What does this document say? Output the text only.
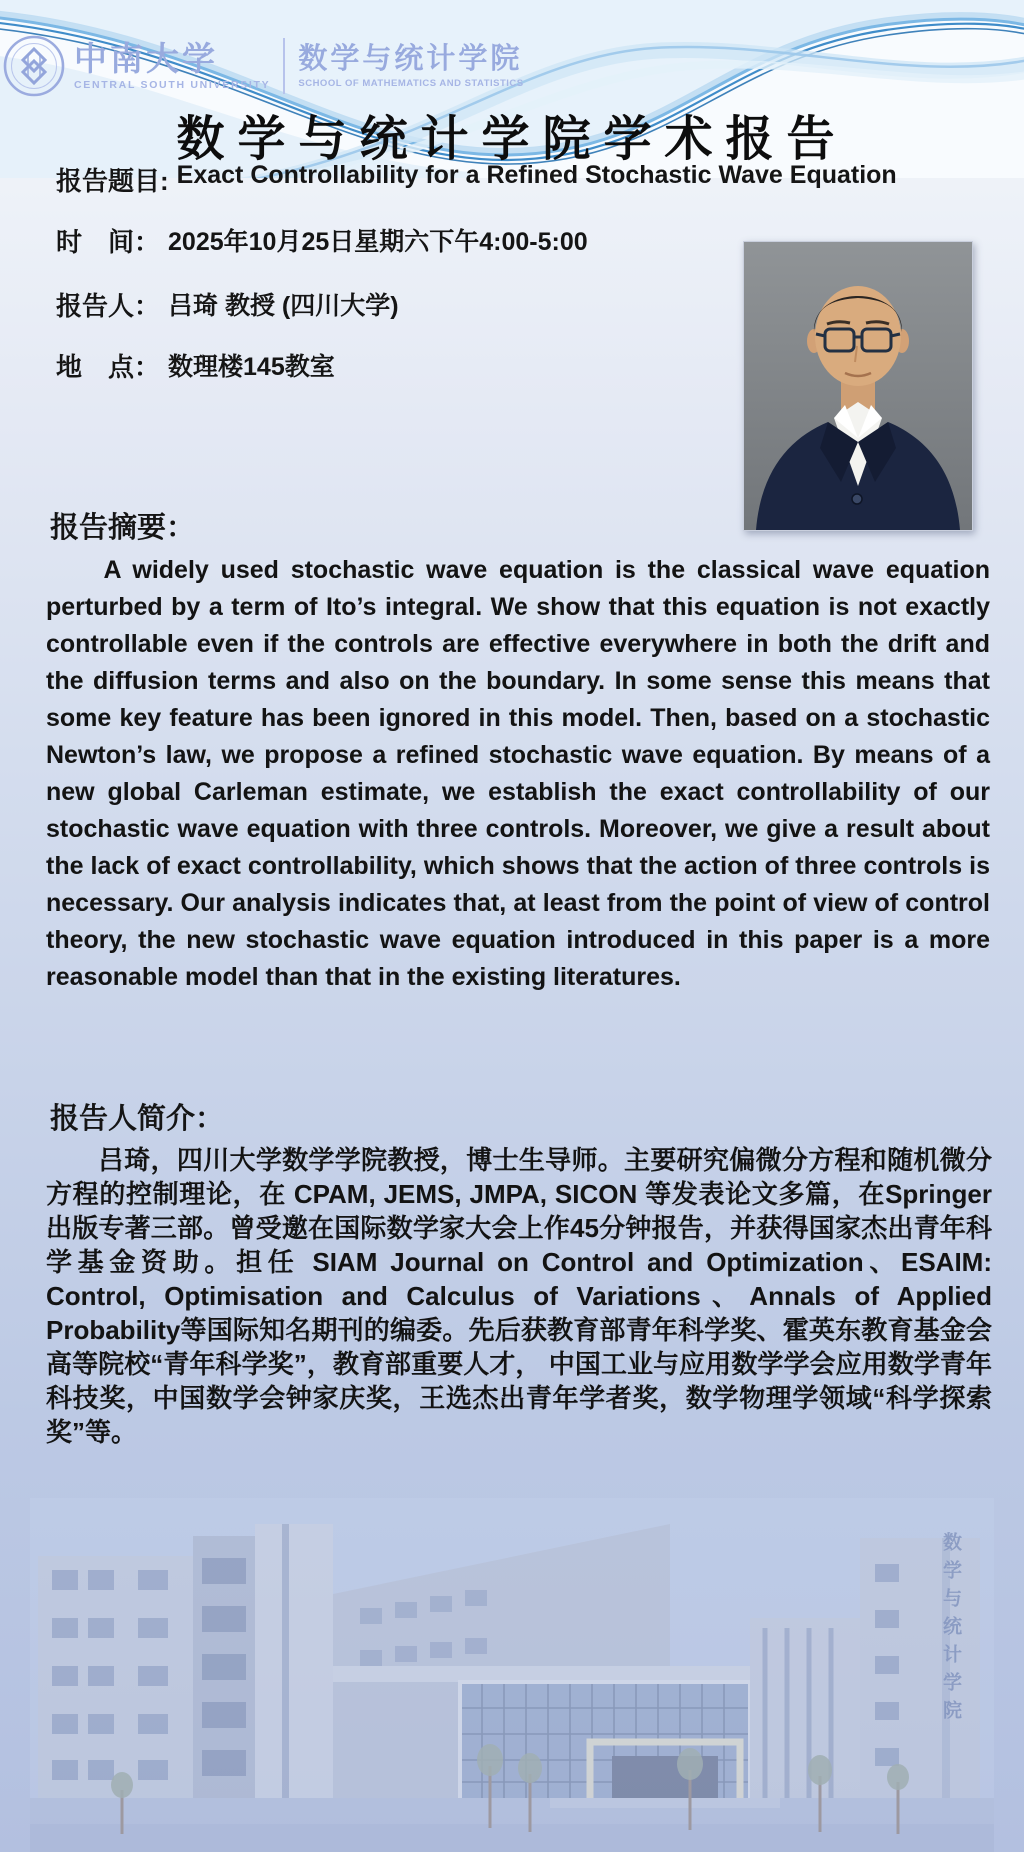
中南大学
CENTRAL SOUTH UNIVERSITY
数学与统计学院
SCHOOL OF MATHEMATICS AND STATISTICS
数学与统计学院学术报告
报告题目: Exact Controllability for a Refined Stochastic Wave Equation
时　间： 2025年10月25日星期六下午4:00-5:00
报告人： 吕琦 教授 (四川大学)
地　点： 数理楼145教室
报告摘要：
A widely used stochastic wave equation is the classical wave equation perturbed by a term of Ito’s integral. We show that this equation is not exactly controllable even if the controls are effective everywhere in both the drift and the diffusion terms and also on the boundary. In some sense this means that some key feature has been ignored in this model. Then, based on a stochastic Newton’s law, we propose a refined stochastic wave equation. By means of a new global Carleman estimate, we establish the exact controllability of our stochastic wave equation with three controls. Moreover, we give a result about the lack of exact controllability, which shows that the action of three controls is necessary. Our analysis indicates that, at least from the point of view of control theory, the new stochastic wave equation introduced in this paper is a more reasonable model than that in the existing literatures.
报告人简介：
吕琦，四川大学数学学院教授，博士生导师。主要研究偏微分方程和随机微分方程的控制理论，在 CPAM, JEMS, JMPA, SICON 等发表论文多篇，在Springer出版专著三部。曾受邀在国际数学家大会上作45分钟报告，并获得国家杰出青年科学基金资助。担任 SIAM Journal on Control and Optimization、ESAIM: Control, Optimisation and Calculus of Variations、Annals of Applied Probability等国际知名期刊的编委。先后获教育部青年科学奖、霍英东教育基金会高等院校“青年科学奖”，教育部重要人才， 中国工业与应用数学学会应用数学青年科技奖，中国数学会钟家庆奖，王选杰出青年学者奖，数学物理学领域“科学探索奖”等。
数学与统计学院
